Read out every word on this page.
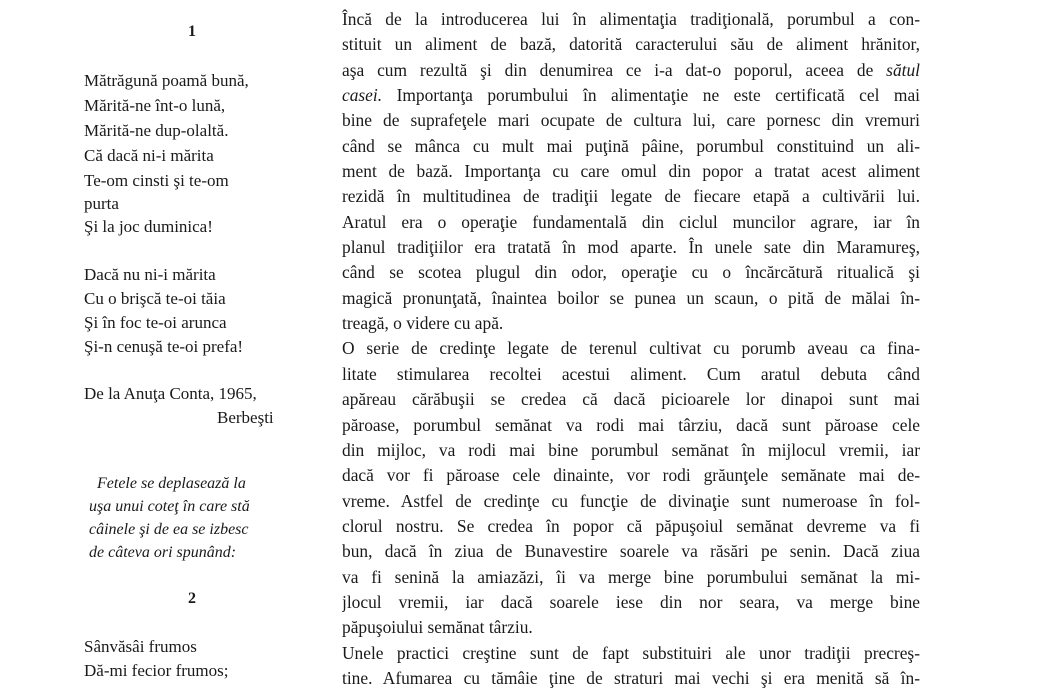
1
Mătrăgună poamă bună,
Mărită-ne înt-o lună,
Mărită-ne dup-olaltă.
Că dacă ni-i mărita
Te-om cinsti şi te-om
purta
Şi la joc duminica!
Dacă nu ni-i mărita
Cu o brişcă te-oi tăia
Şi în foc te-oi arunca
Şi-n cenuşă te-oi prefa!
De la Anuţa Conta, 1965,
Berbeşti
Fetele se deplasează la
uşa unui coteţ în care stă
câinele şi de ea se izbesc
de câteva ori spunând:
2
Sânvăsâi frumos
Dă-mi fecior frumos;
Încă de la introducerea lui în alimentaţia tradiţională, porumbul a con-
stituit un aliment de bază, datorită caracterului său de aliment hrănitor,
aşa cum rezultă şi din denumirea ce i-a dat-o poporul, aceea de sătul
casei. Importanţa porumbului în alimentaţie ne este certificată cel mai
bine de suprafeţele mari ocupate de cultura lui, care pornesc din vremuri
când se mânca cu mult mai puţină pâine, porumbul constituind un ali-
ment de bază. Importanţa cu care omul din popor a tratat acest aliment
rezidă în multitudinea de tradiţii legate de fiecare etapă a cultivării lui.
Aratul era o operaţie fundamentală din ciclul muncilor agrare, iar în
planul tradiţiilor era tratată în mod aparte. În unele sate din Maramureş,
când se scotea plugul din odor, operaţie cu o încărcătură ritualică şi
magică pronunţată, înaintea boilor se punea un scaun, o pită de mălai în-
treagă, o videre cu apă.
O serie de credinţe legate de terenul cultivat cu porumb aveau ca fina-
litate stimularea recoltei acestui aliment. Cum aratul debuta când
apăreau cărăbuşii se credea că dacă picioarele lor dinapoi sunt mai
păroase, porumbul semănat va rodi mai târziu, dacă sunt păroase cele
din mijloc, va rodi mai bine porumbul semănat în mijlocul vremii, iar
dacă vor fi păroase cele dinainte, vor rodi grăunţele semănate mai de-
vreme. Astfel de credinţe cu funcţie de divinaţie sunt numeroase în fol-
clorul nostru. Se credea în popor că păpuşoiul semănat devreme va fi
bun, dacă în ziua de Bunavestire soarele va răsări pe senin. Dacă ziua
va fi senină la amiazăzi, îi va merge bine porumbului semănat la mi-
jlocul vremii, iar dacă soarele iese din nor seara, va merge bine
păpuşoiului semănat târziu.
Unele practici creştine sunt de fapt substituiri ale unor tradiţii precreş-
tine. Afumarea cu tămâie ţine de straturi mai vechi şi era menită să în-
